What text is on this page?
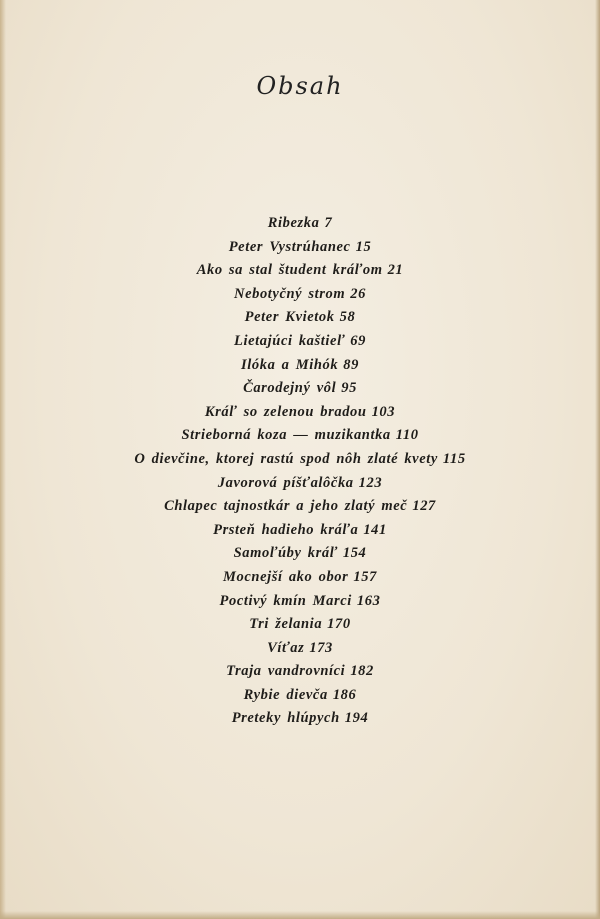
Obsah
Ribezka 7
Peter Vystrúhanec 15
Ako sa stal študent kráľom 21
Nebotyčný strom 26
Peter Kvietok 58
Lietajúci kaštieľ 69
Ilóka a Mihók 89
Čarodejný vôl 95
Kráľ so zelenou bradou 103
Strieborná koza — muzikantka 110
O dievčine, ktorej rastú spod nôh zlaté kvety 115
Javorová píšťalôčka 123
Chlapec tajnostkár a jeho zlatý meč 127
Prsteň hadieho kráľa 141
Samoľúby kráľ 154
Mocnejší ako obor 157
Poctivý kmín Marci 163
Tri želania 170
Víťaz 173
Traja vandrovníci 182
Rybie dievča 186
Preteky hlúpych 194
